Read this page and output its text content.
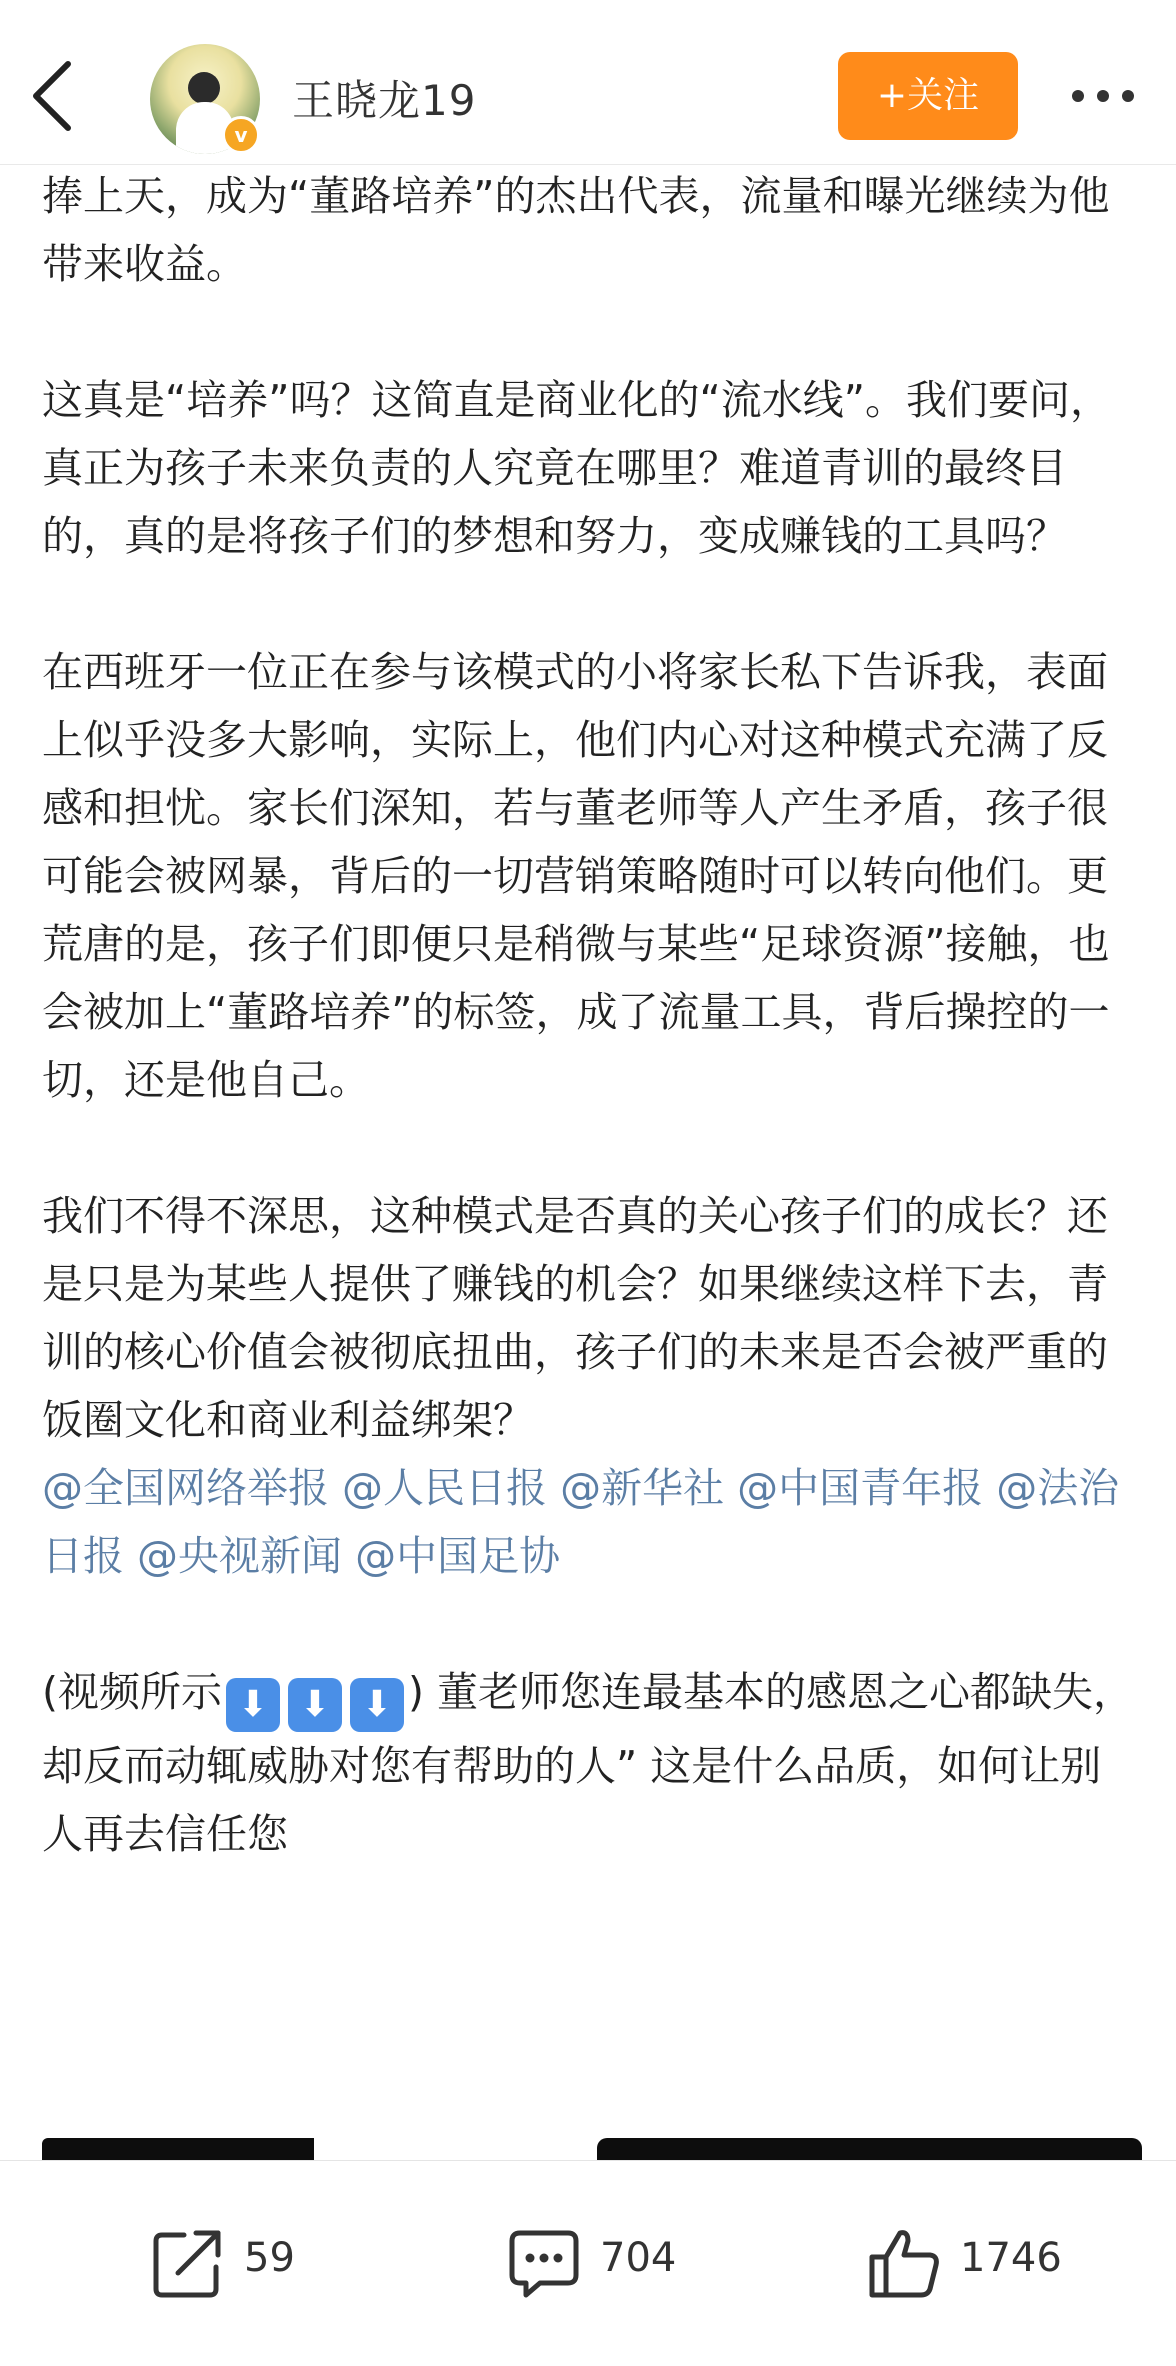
v
王晓龙19	+关注

捧上天，成为“董路培养”的杰出代表，流量和曝光继续为他带来收益。

这真是“培养”吗？这简直是商业化的“流水线”。我们要问，真正为孩子未来负责的人究竟在哪里？难道青训的最终目的，真的是将孩子们的梦想和努力，变成赚钱的工具吗？

在西班牙一位正在参与该模式的小将家长私下告诉我，表面上似乎没多大影响，实际上，他们内心对这种模式充满了反感和担忧。家长们深知，若与董老师等人产生矛盾，孩子很可能会被网暴，背后的一切营销策略随时可以转向他们。更荒唐的是，孩子们即便只是稍微与某些“足球资源”接触，也会被加上“董路培养”的标签，成了流量工具，背后操控的一切，还是他自己。

我们不得不深思，这种模式是否真的关心孩子们的成长？还是只是为某些人提供了赚钱的机会？如果继续这样下去，青训的核心价值会被彻底扭曲，孩子们的未来是否会被严重的饭圈文化和商业利益绑架？

@全国网络举报 @人民日报 @新华社 @中国青年报 @法治日报 @央视新闻 @中国足协

(视频所示 ⬇ ⬇ ⬇ ) 董老师您连最基本的感恩之心都缺失，却反而动辄威胁对您有帮助的人” 这是什么品质，如何让别人再去信任您

59	704	1746
